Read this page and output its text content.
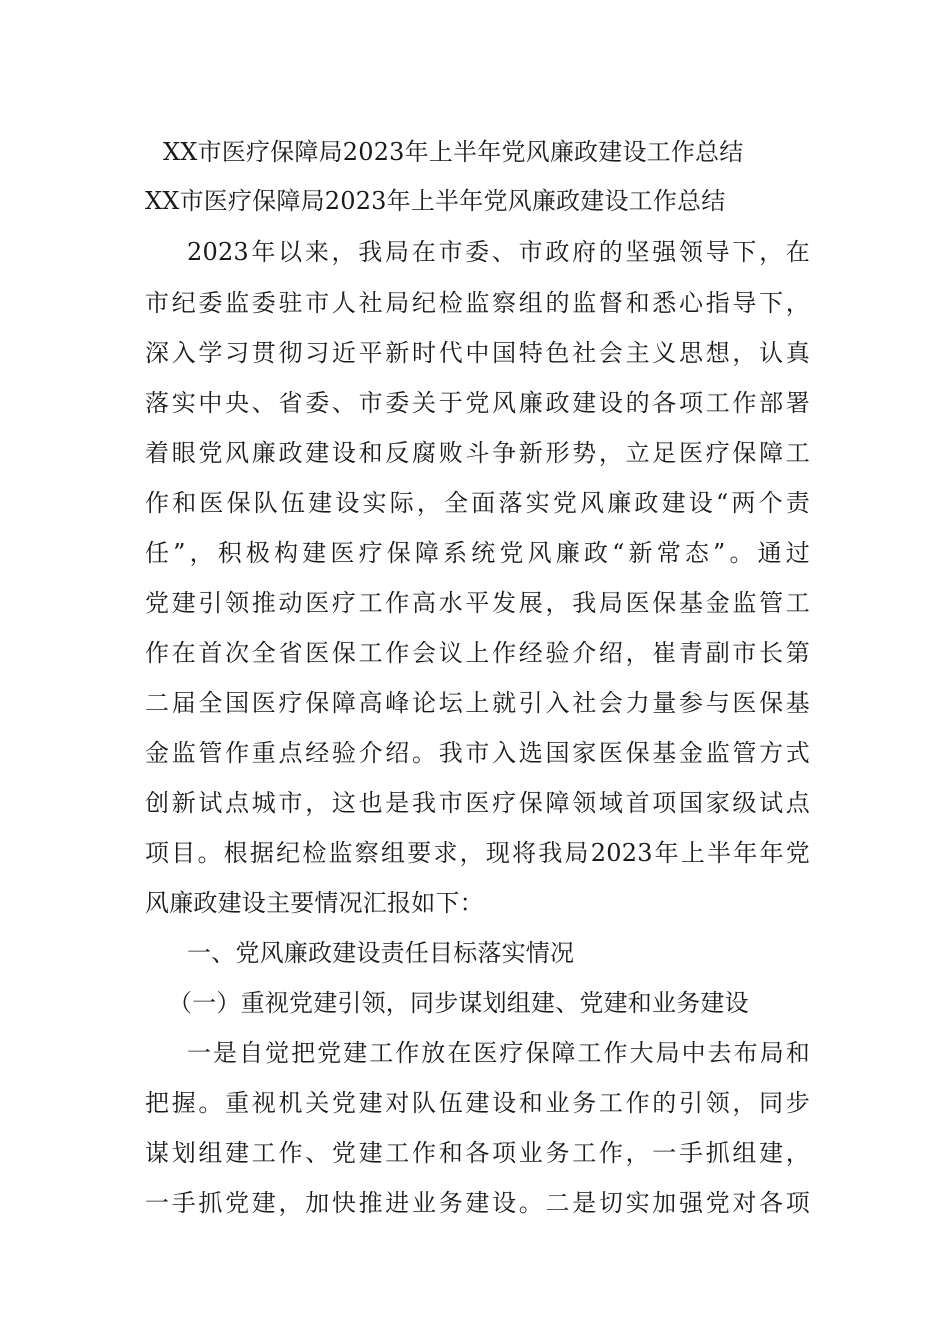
XX市医疗保障局2023年上半年党风廉政建设工作总结
XX市医疗保障局2023年上半年党风廉政建设工作总结
2023年以来，我局在市委、市政府的坚强领导下，在
市纪委监委驻市人社局纪检监察组的监督和悉心指导下，
深入学习贯彻习近平新时代中国特色社会主义思想，认真
落实中央、省委、市委关于党风廉政建设的各项工作部署
着眼党风廉政建设和反腐败斗争新形势，立足医疗保障工
作和医保队伍建设实际，全面落实党风廉政建设“两个责
任”，积极构建医疗保障系统党风廉政“新常态”。通过
党建引领推动医疗工作高水平发展，我局医保基金监管工
作在首次全省医保工作会议上作经验介绍，崔青副市长第
二届全国医疗保障高峰论坛上就引入社会力量参与医保基
金监管作重点经验介绍。我市入选国家医保基金监管方式
创新试点城市，这也是我市医疗保障领域首项国家级试点
项目。根据纪检监察组要求，现将我局2023年上半年年党
风廉政建设主要情况汇报如下：
一、党风廉政建设责任目标落实情况
（一）重视党建引领，同步谋划组建、党建和业务建设
一是自觉把党建工作放在医疗保障工作大局中去布局和
把握。重视机关党建对队伍建设和业务工作的引领，同步
谋划组建工作、党建工作和各项业务工作，一手抓组建，
一手抓党建，加快推进业务建设。二是切实加强党对各项
